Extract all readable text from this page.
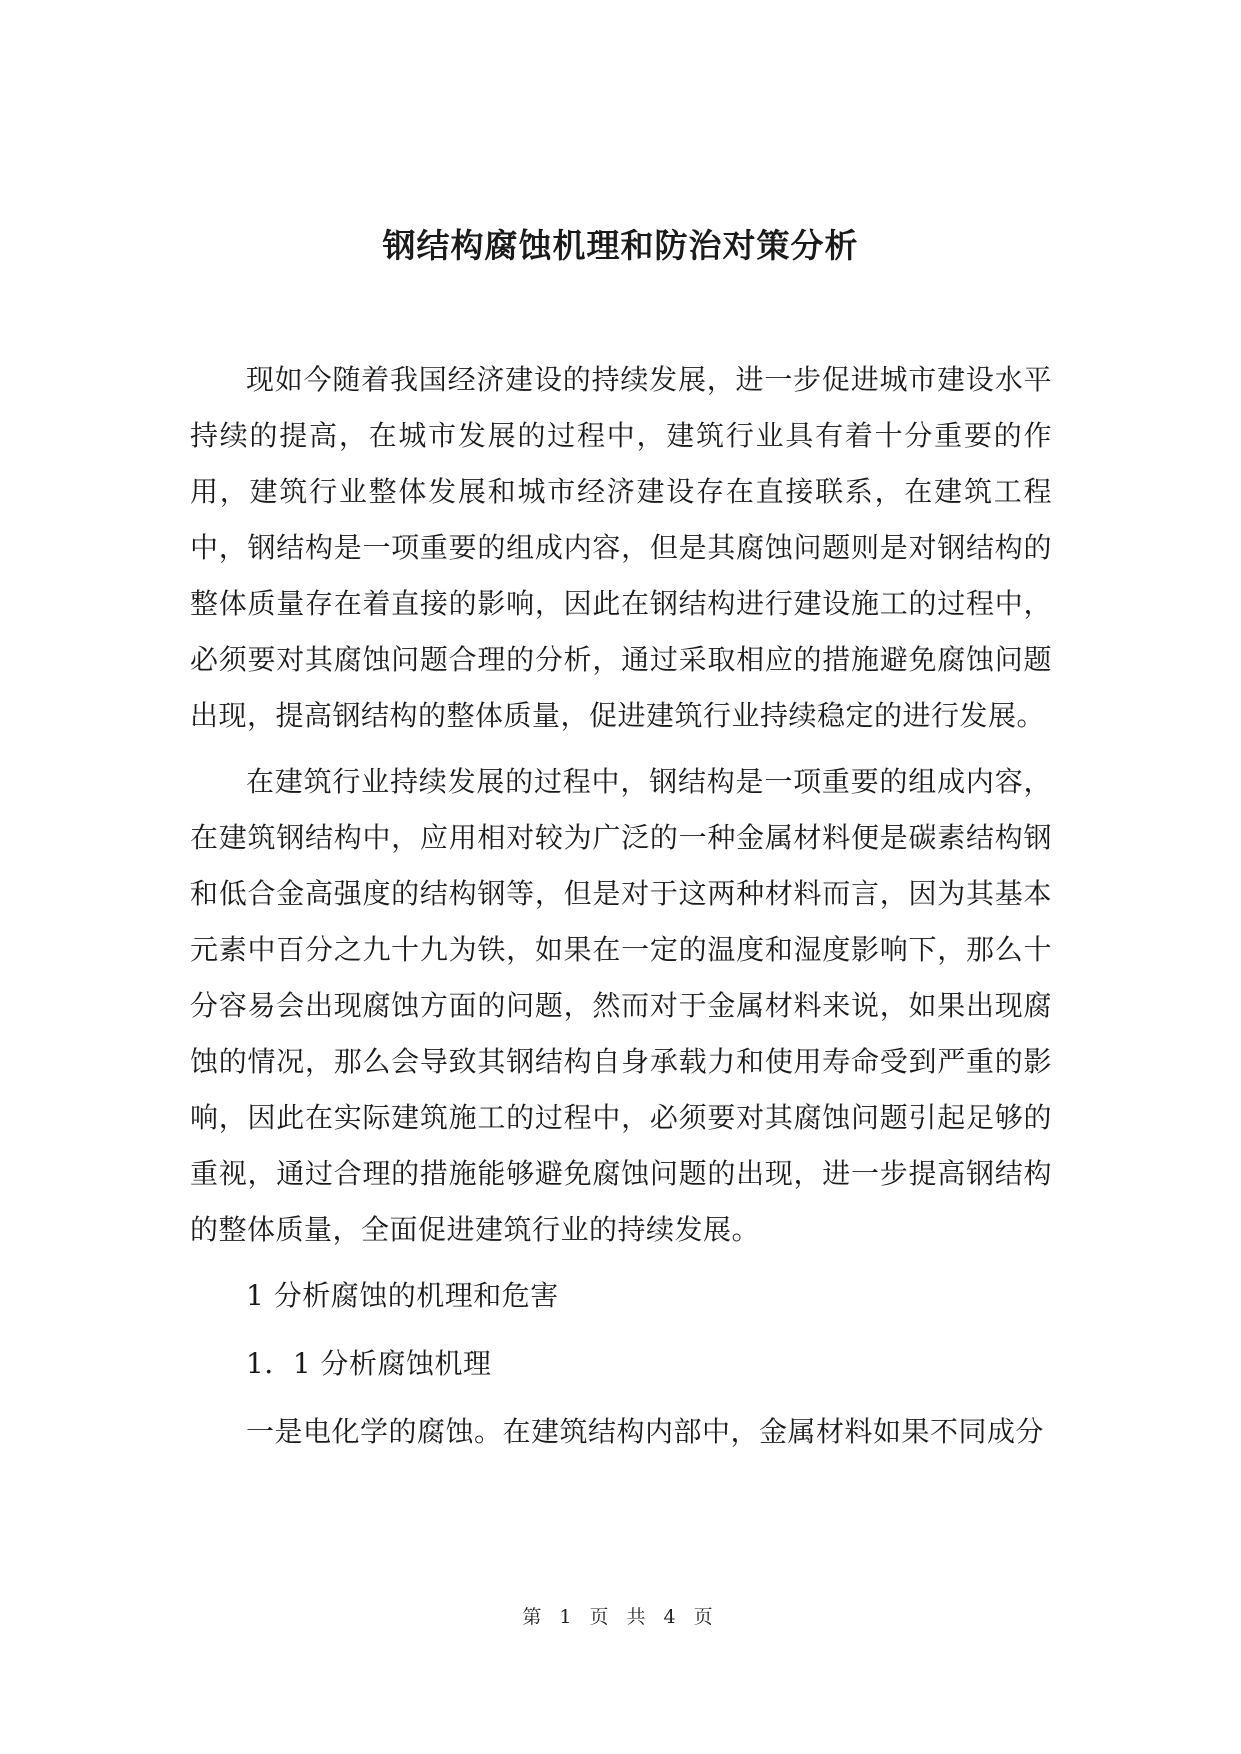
钢结构腐蚀机理和防治对策分析

现如今随着我国经济建设的持续发展，进一步促进城市建设水平持续的提高，在城市发展的过程中，建筑行业具有着十分重要的作用，建筑行业整体发展和城市经济建设存在直接联系，在建筑工程中，钢结构是一项重要的组成内容，但是其腐蚀问题则是对钢结构的整体质量存在着直接的影响，因此在钢结构进行建设施工的过程中，必须要对其腐蚀问题合理的分析，通过采取相应的措施避免腐蚀问题出现，提高钢结构的整体质量，促进建筑行业持续稳定的进行发展。

在建筑行业持续发展的过程中，钢结构是一项重要的组成内容，在建筑钢结构中，应用相对较为广泛的一种金属材料便是碳素结构钢和低合金高强度的结构钢等，但是对于这两种材料而言，因为其基本元素中百分之九十九为铁，如果在一定的温度和湿度影响下，那么十分容易会出现腐蚀方面的问题，然而对于金属材料来说，如果出现腐蚀的情况，那么会导致其钢结构自身承载力和使用寿命受到严重的影响，因此在实际建筑施工的过程中，必须要对其腐蚀问题引起足够的重视，通过合理的措施能够避免腐蚀问题的出现，进一步提高钢结构的整体质量，全面促进建筑行业的持续发展。

1 分析腐蚀的机理和危害

1．1 分析腐蚀机理

一是电化学的腐蚀。在建筑结构内部中，金属材料如果不同成分

第 1 页 共 4 页
